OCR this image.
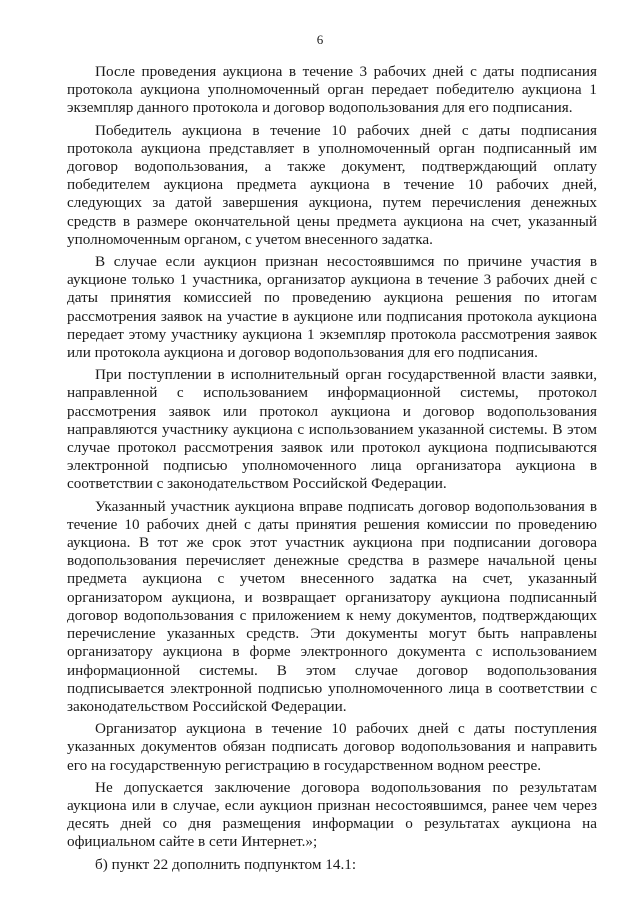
6

После проведения аукциона в течение 3 рабочих дней с даты подписания протокола аукциона уполномоченный орган передает победителю аукциона 1 экземпляр данного протокола и договор водопользования для его подписания.

Победитель аукциона в течение 10 рабочих дней с даты подписания протокола аукциона представляет в уполномоченный орган подписанный им договор водопользования, а также документ, подтверждающий оплату победителем аукциона предмета аукциона в течение 10 рабочих дней, следующих за датой завершения аукциона, путем перечисления денежных средств в размере окончательной цены предмета аукциона на счет, указанный уполномоченным органом, с учетом внесенного задатка.

В случае если аукцион признан несостоявшимся по причине участия в аукционе только 1 участника, организатор аукциона в течение 3 рабочих дней с даты принятия комиссией по проведению аукциона решения по итогам рассмотрения заявок на участие в аукционе или подписания протокола аукциона передает этому участнику аукциона 1 экземпляр протокола рассмотрения заявок или протокола аукциона и договор водопользования для его подписания.

При поступлении в исполнительный орган государственной власти заявки, направленной с использованием информационной системы, протокол рассмотрения заявок или протокол аукциона и договор водопользования направляются участнику аукциона с использованием указанной системы. В этом случае протокол рассмотрения заявок или протокол аукциона подписываются электронной подписью уполномоченного лица организатора аукциона в соответствии с законодательством Российской Федерации.

Указанный участник аукциона вправе подписать договор водопользования в течение 10 рабочих дней с даты принятия решения комиссии по проведению аукциона. В тот же срок этот участник аукциона при подписании договора водопользования перечисляет денежные средства в размере начальной цены предмета аукциона с учетом внесенного задатка на счет, указанный организатором аукциона, и возвращает организатору аукциона подписанный договор водопользования с приложением к нему документов, подтверждающих перечисление указанных средств. Эти документы могут быть направлены организатору аукциона в форме электронного документа с использованием информационной системы. В этом случае договор водопользования подписывается электронной подписью уполномоченного лица в соответствии с законодательством Российской Федерации.

Организатор аукциона в течение 10 рабочих дней с даты поступления указанных документов обязан подписать договор водопользования и направить его на государственную регистрацию в государственном водном реестре.

Не допускается заключение договора водопользования по результатам аукциона или в случае, если аукцион признан несостоявшимся, ранее чем через десять дней со дня размещения информации о результатах аукциона на официальном сайте в сети Интернет.»;

б) пункт 22 дополнить подпунктом 14.1:
